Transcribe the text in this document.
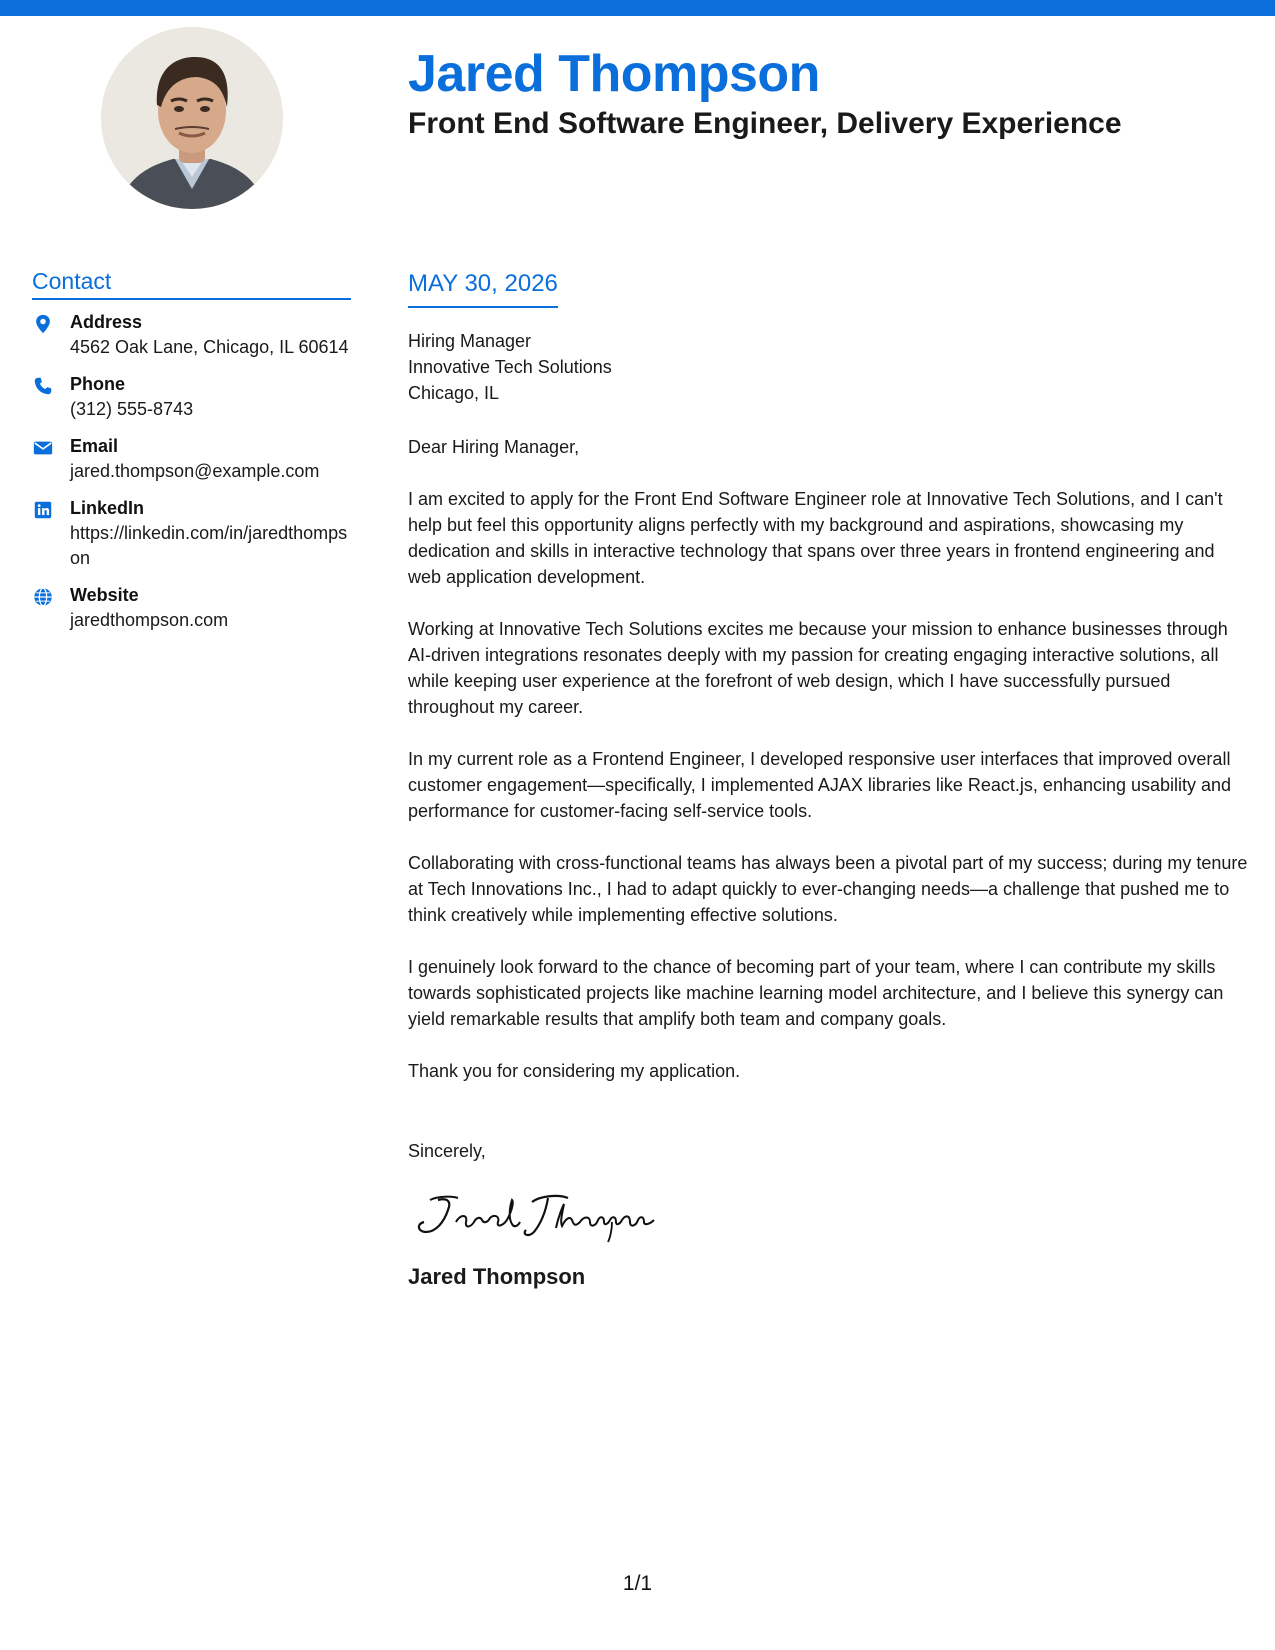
Jared Thompson
Front End Software Engineer, Delivery Experience
Contact
Address
4562 Oak Lane, Chicago, IL 60614
Phone
(312) 555-8743
Email
jared.thompson@example.com
LinkedIn
https://linkedin.com/in/jaredthompson
Website
jaredthompson.com
MAY 30, 2026
Hiring Manager
Innovative Tech Solutions
Chicago, IL
Dear Hiring Manager,
I am excited to apply for the Front End Software Engineer role at Innovative Tech Solutions, and I can't help but feel this opportunity aligns perfectly with my background and aspirations, showcasing my dedication and skills in interactive technology that spans over three years in frontend engineering and web application development.
Working at Innovative Tech Solutions excites me because your mission to enhance businesses through AI-driven integrations resonates deeply with my passion for creating engaging interactive solutions, all while keeping user experience at the forefront of web design, which I have successfully pursued throughout my career.
In my current role as a Frontend Engineer, I developed responsive user interfaces that improved overall customer engagement—specifically, I implemented AJAX libraries like React.js, enhancing usability and performance for customer-facing self-service tools.
Collaborating with cross-functional teams has always been a pivotal part of my success; during my tenure at Tech Innovations Inc., I had to adapt quickly to ever-changing needs—a challenge that pushed me to think creatively while implementing effective solutions.
I genuinely look forward to the chance of becoming part of your team, where I can contribute my skills towards sophisticated projects like machine learning model architecture, and I believe this synergy can yield remarkable results that amplify both team and company goals.
Thank you for considering my application.
Sincerely,
Jared Thompson
1/1
